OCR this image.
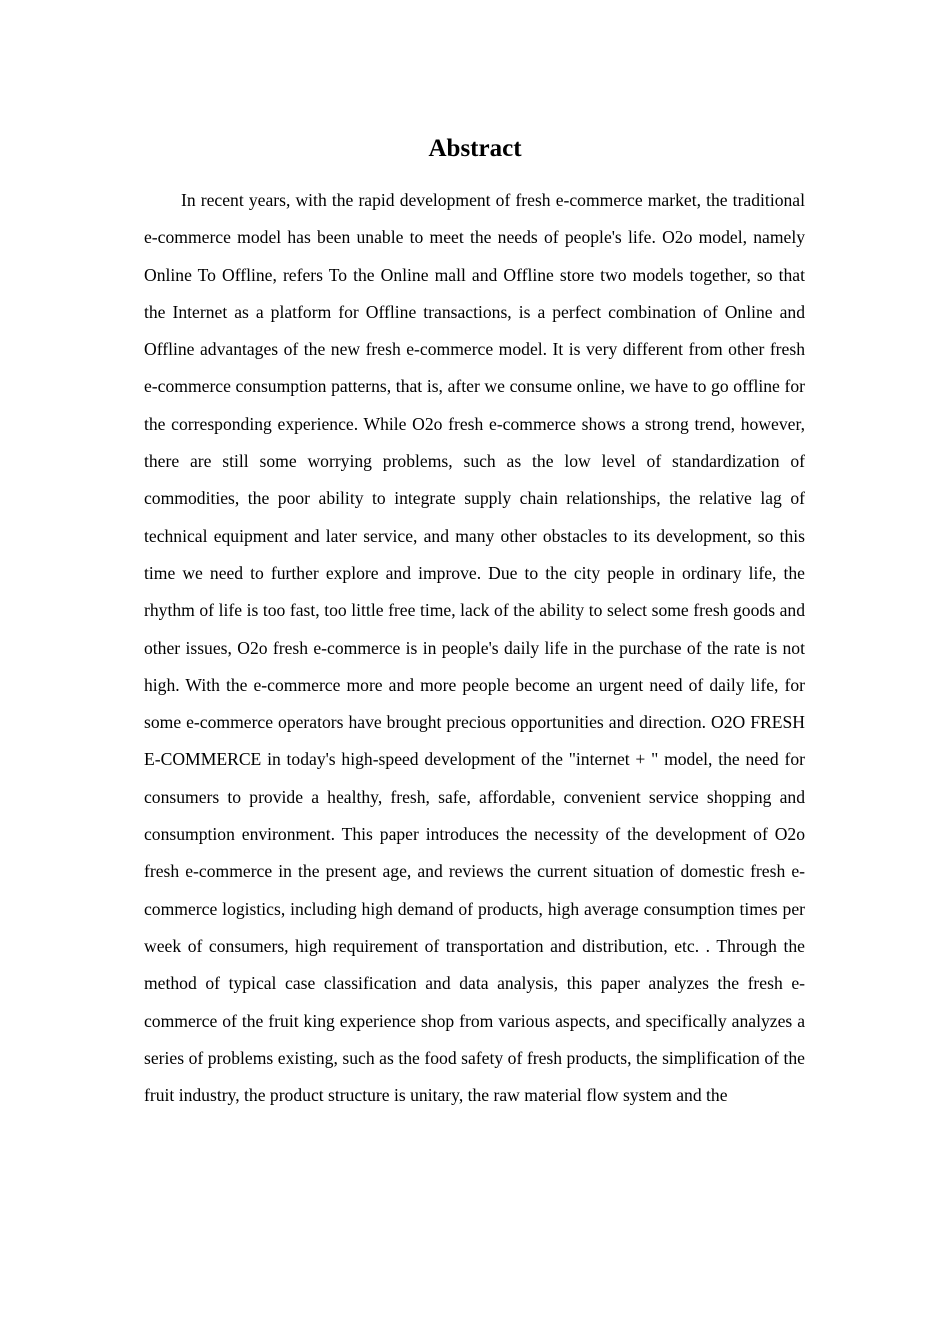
Abstract

In recent years, with the rapid development of fresh e-commerce market, the traditional e-commerce model has been unable to meet the needs of people's life. O2o model, namely Online To Offline, refers To the Online mall and Offline store two models together, so that the Internet as a platform for Offline transactions, is a perfect combination of Online and Offline advantages of the new fresh e-commerce model. It is very different from other fresh e-commerce consumption patterns, that is, after we consume online, we have to go offline for the corresponding experience. While O2o fresh e-commerce shows a strong trend, however, there are still some worrying problems, such as the low level of standardization of commodities, the poor ability to integrate supply chain relationships, the relative lag of technical equipment and later service, and many other obstacles to its development, so this time we need to further explore and improve. Due to the city people in ordinary life, the rhythm of life is too fast, too little free time, lack of the ability to select some fresh goods and other issues, O2o fresh e-commerce is in people's daily life in the purchase of the rate is not high. With the e-commerce more and more people become an urgent need of daily life, for some e-commerce operators have brought precious opportunities and direction. O2O FRESH E-COMMERCE in today's high-speed development of the "internet + " model, the need for consumers to provide a healthy, fresh, safe, affordable, convenient service shopping and consumption environment. This paper introduces the necessity of the development of O2o fresh e-commerce in the present age, and reviews the current situation of domestic fresh e-commerce logistics, including high demand of products, high average consumption times per week of consumers, high requirement of transportation and distribution, etc. . Through the method of typical case classification and data analysis, this paper analyzes the fresh e-commerce of the fruit king experience shop from various aspects, and specifically analyzes a series of problems existing, such as the food safety of fresh products, the simplification of the fruit industry, the product structure is unitary, the raw material flow system and the
